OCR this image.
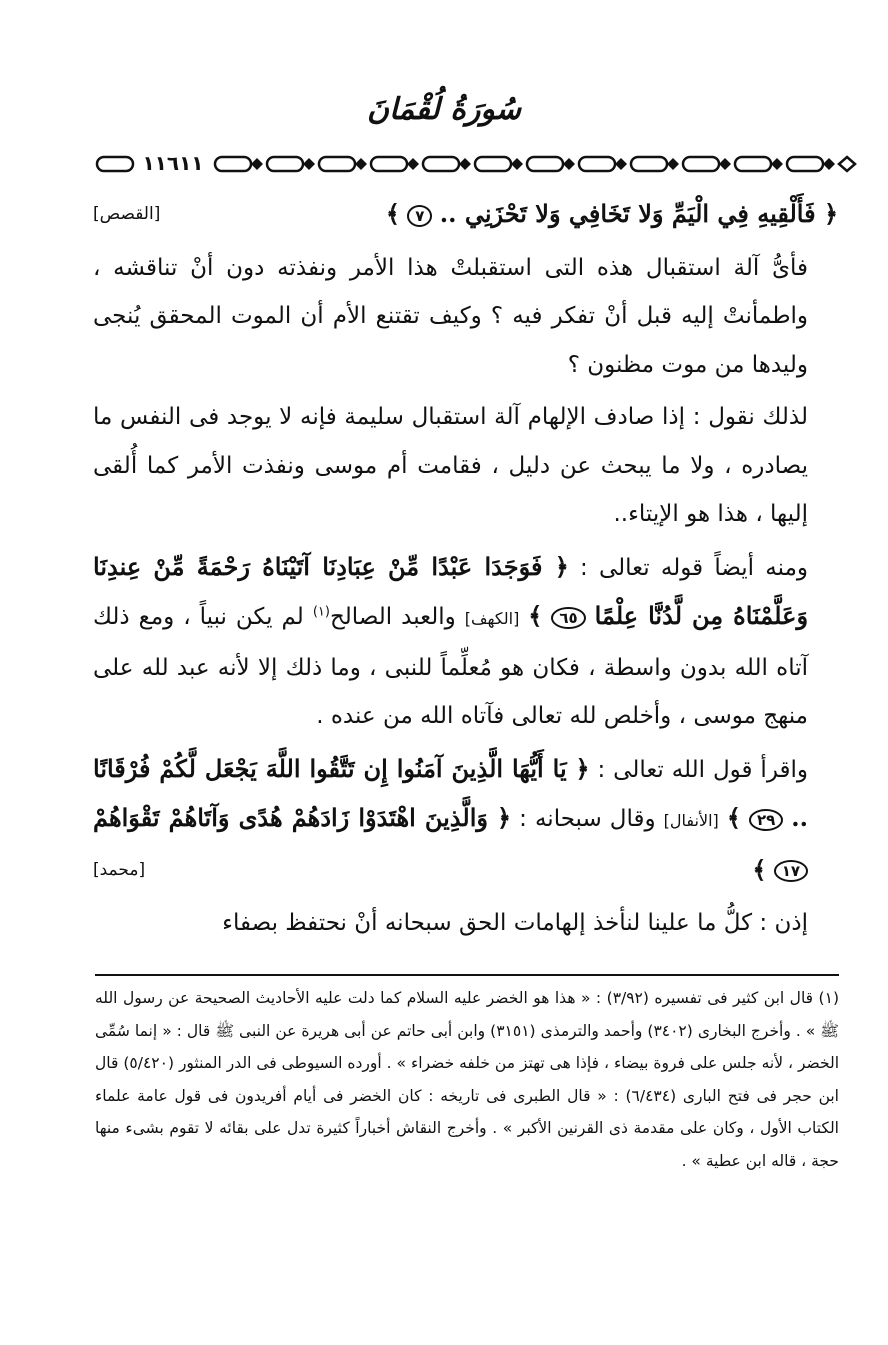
سُورَةُ لُقْمَانَ
١١٦١١

﴿ فَأَلْقِيهِ فِي الْيَمِّ وَلا تَخَافِي وَلا تَحْزَنِي .. ٧ ﴾
[القصص]

فأىُّ آلة استقبال هذه التى استقبلتْ هذا الأمر ونفذته دون أنْ تناقشه ، واطمأنتْ إليه قبل أنْ تفكر فيه ؟ وكيف تقتنع الأم أن الموت المحقق يُنجى وليدها من موت مظنون ؟

لذلك نقول : إذا صادف الإلهام آلة استقبال سليمة فإنه لا يوجد فى النفس ما يصادره ، ولا ما يبحث عن دليل ، فقامت أم موسى ونفذت الأمر كما أُلقى إليها ، هذا هو الإيتاء..

ومنه أيضاً قوله تعالى : ﴿ فَوَجَدَا عَبْدًا مِّنْ عِبَادِنَا آتَيْنَاهُ رَحْمَةً مِّنْ عِندِنَا وَعَلَّمْنَاهُ مِن لَّدُنَّا عِلْمًا ٦٥ ﴾ [الكهف] والعبد الصالح$^{(١)}$ لم يكن نبياً ، ومع ذلك آتاه الله بدون واسطة ، فكان هو مُعلِّماً للنبى ، وما ذلك إلا لأنه عبد لله على منهج موسى ، وأخلص لله تعالى فآتاه الله من عنده .

واقرأ قول الله تعالى : ﴿ يَا أَيُّهَا الَّذِينَ آمَنُوا إِن تَتَّقُوا اللَّهَ يَجْعَل لَّكُمْ فُرْقَانًا .. ٢٩ ﴾ [الأنفال] وقال سبحانه : ﴿ وَالَّذِينَ اهْتَدَوْا زَادَهُمْ هُدًى وَآتَاهُمْ تَقْوَاهُمْ ١٧ ﴾
[محمد]

إذن : كلُّ ما علينا لنأخذ إلهامات الحق سبحانه أنْ نحتفظ بصفاء

(١) قال ابن كثير فى تفسيره (٣/٩٢) : « هذا هو الخضر عليه السلام كما دلت عليه الأحاديث الصحيحة عن رسول الله ﷺ » . وأخرج البخارى (٣٤٠٢) وأحمد والترمذى (٣١٥١) وابن أبى حاتم عن أبى هريرة عن النبى ﷺ قال : « إنما سُمِّى الخضر ، لأنه جلس على فروة بيضاء ، فإذا هى تهتز من خلفه خضراء » . أورده السيوطى فى الدر المنثور (٥/٤٢٠) قال ابن حجر فى فتح البارى (٦/٤٣٤) : « قال الطبرى فى تاريخه : كان الخضر فى أيام أفريدون فى قول عامة علماء الكتاب الأول ، وكان على مقدمة ذى القرنين الأكبر » . وأخرج النقاش أخباراً كثيرة تدل على بقائه لا تقوم بشىء منها حجة ، قاله ابن عطية » .
